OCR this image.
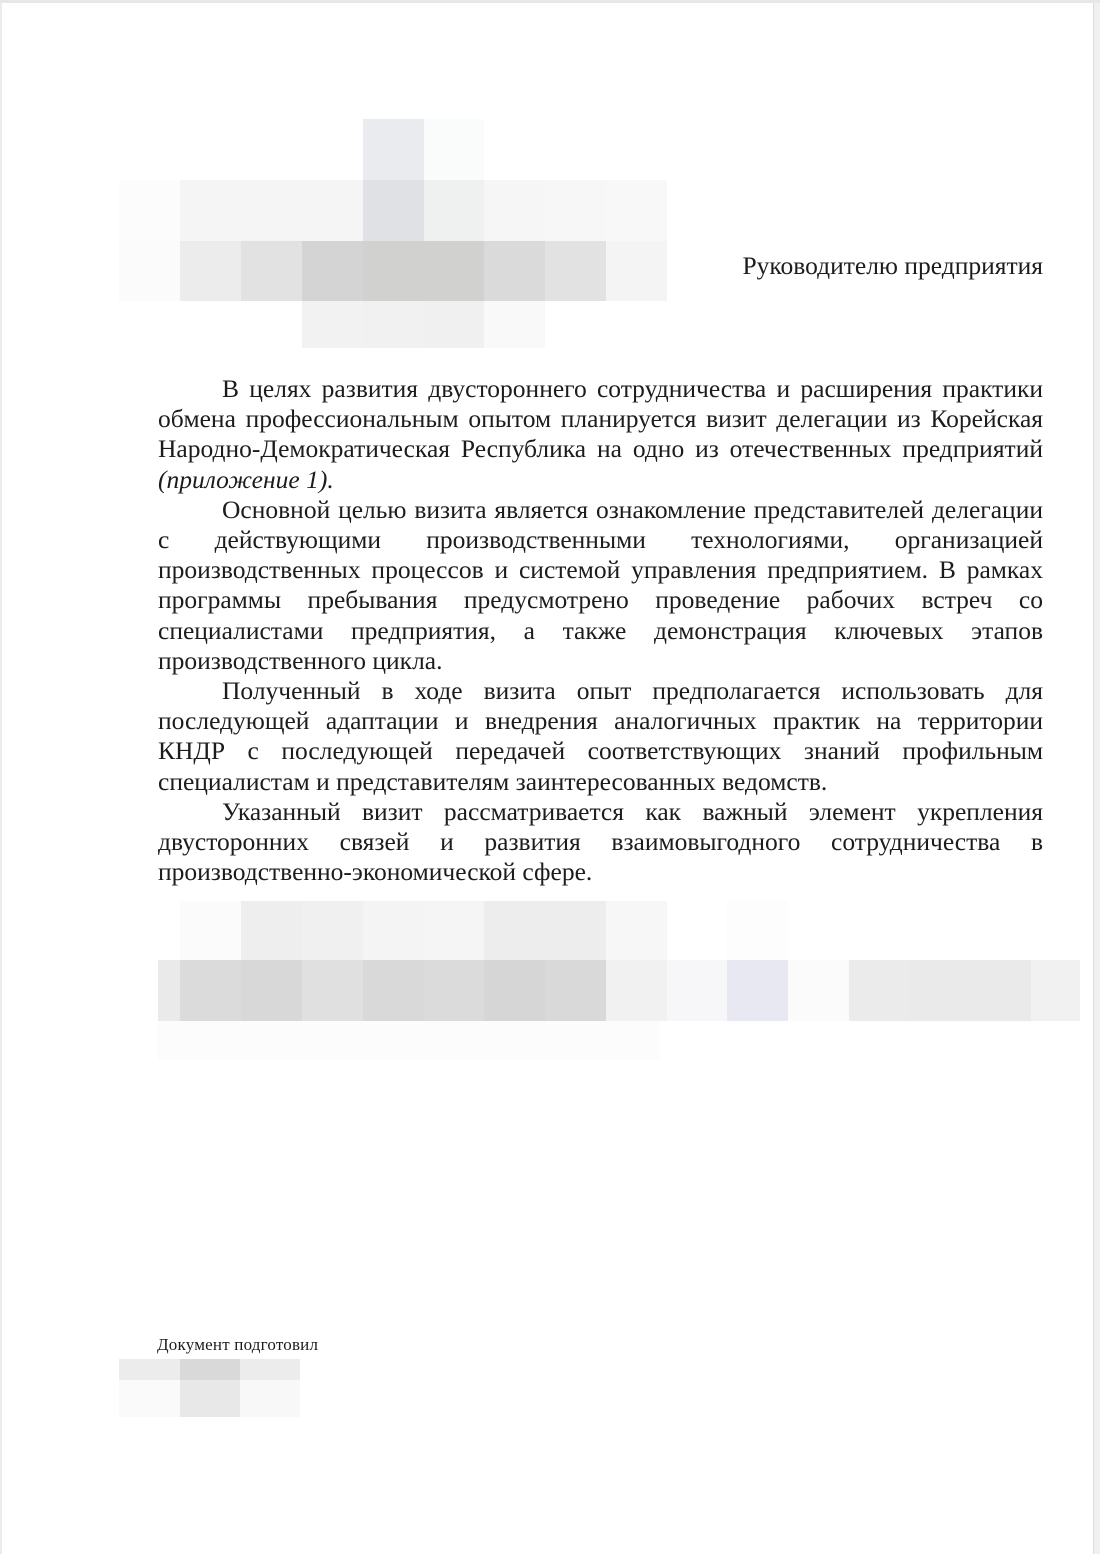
Руководителю предприятия

В целях развития двустороннего сотрудничества и расширения практики обмена профессиональным опытом планируется визит делегации из Корейская Народно-Демократическая Республика на одно из отечественных предприятий (приложение 1).

Основной целью визита является ознакомление представителей делегации с действующими производственными технологиями, организацией производственных процессов и системой управления предприятием. В рамках программы пребывания предусмотрено проведение рабочих встреч со специалистами предприятия, а также демонстрация ключевых этапов производственного цикла.

Полученный в ходе визита опыт предполагается использовать для последующей адаптации и внедрения аналогичных практик на территории КНДР с последующей передачей соответствующих знаний профильным специалистам и представителям заинтересованных ведомств.

Указанный визит рассматривается как важный элемент укрепления двусторонних связей и развития взаимовыгодного сотрудничества в производственно-экономической сфере.

Документ подготовил
